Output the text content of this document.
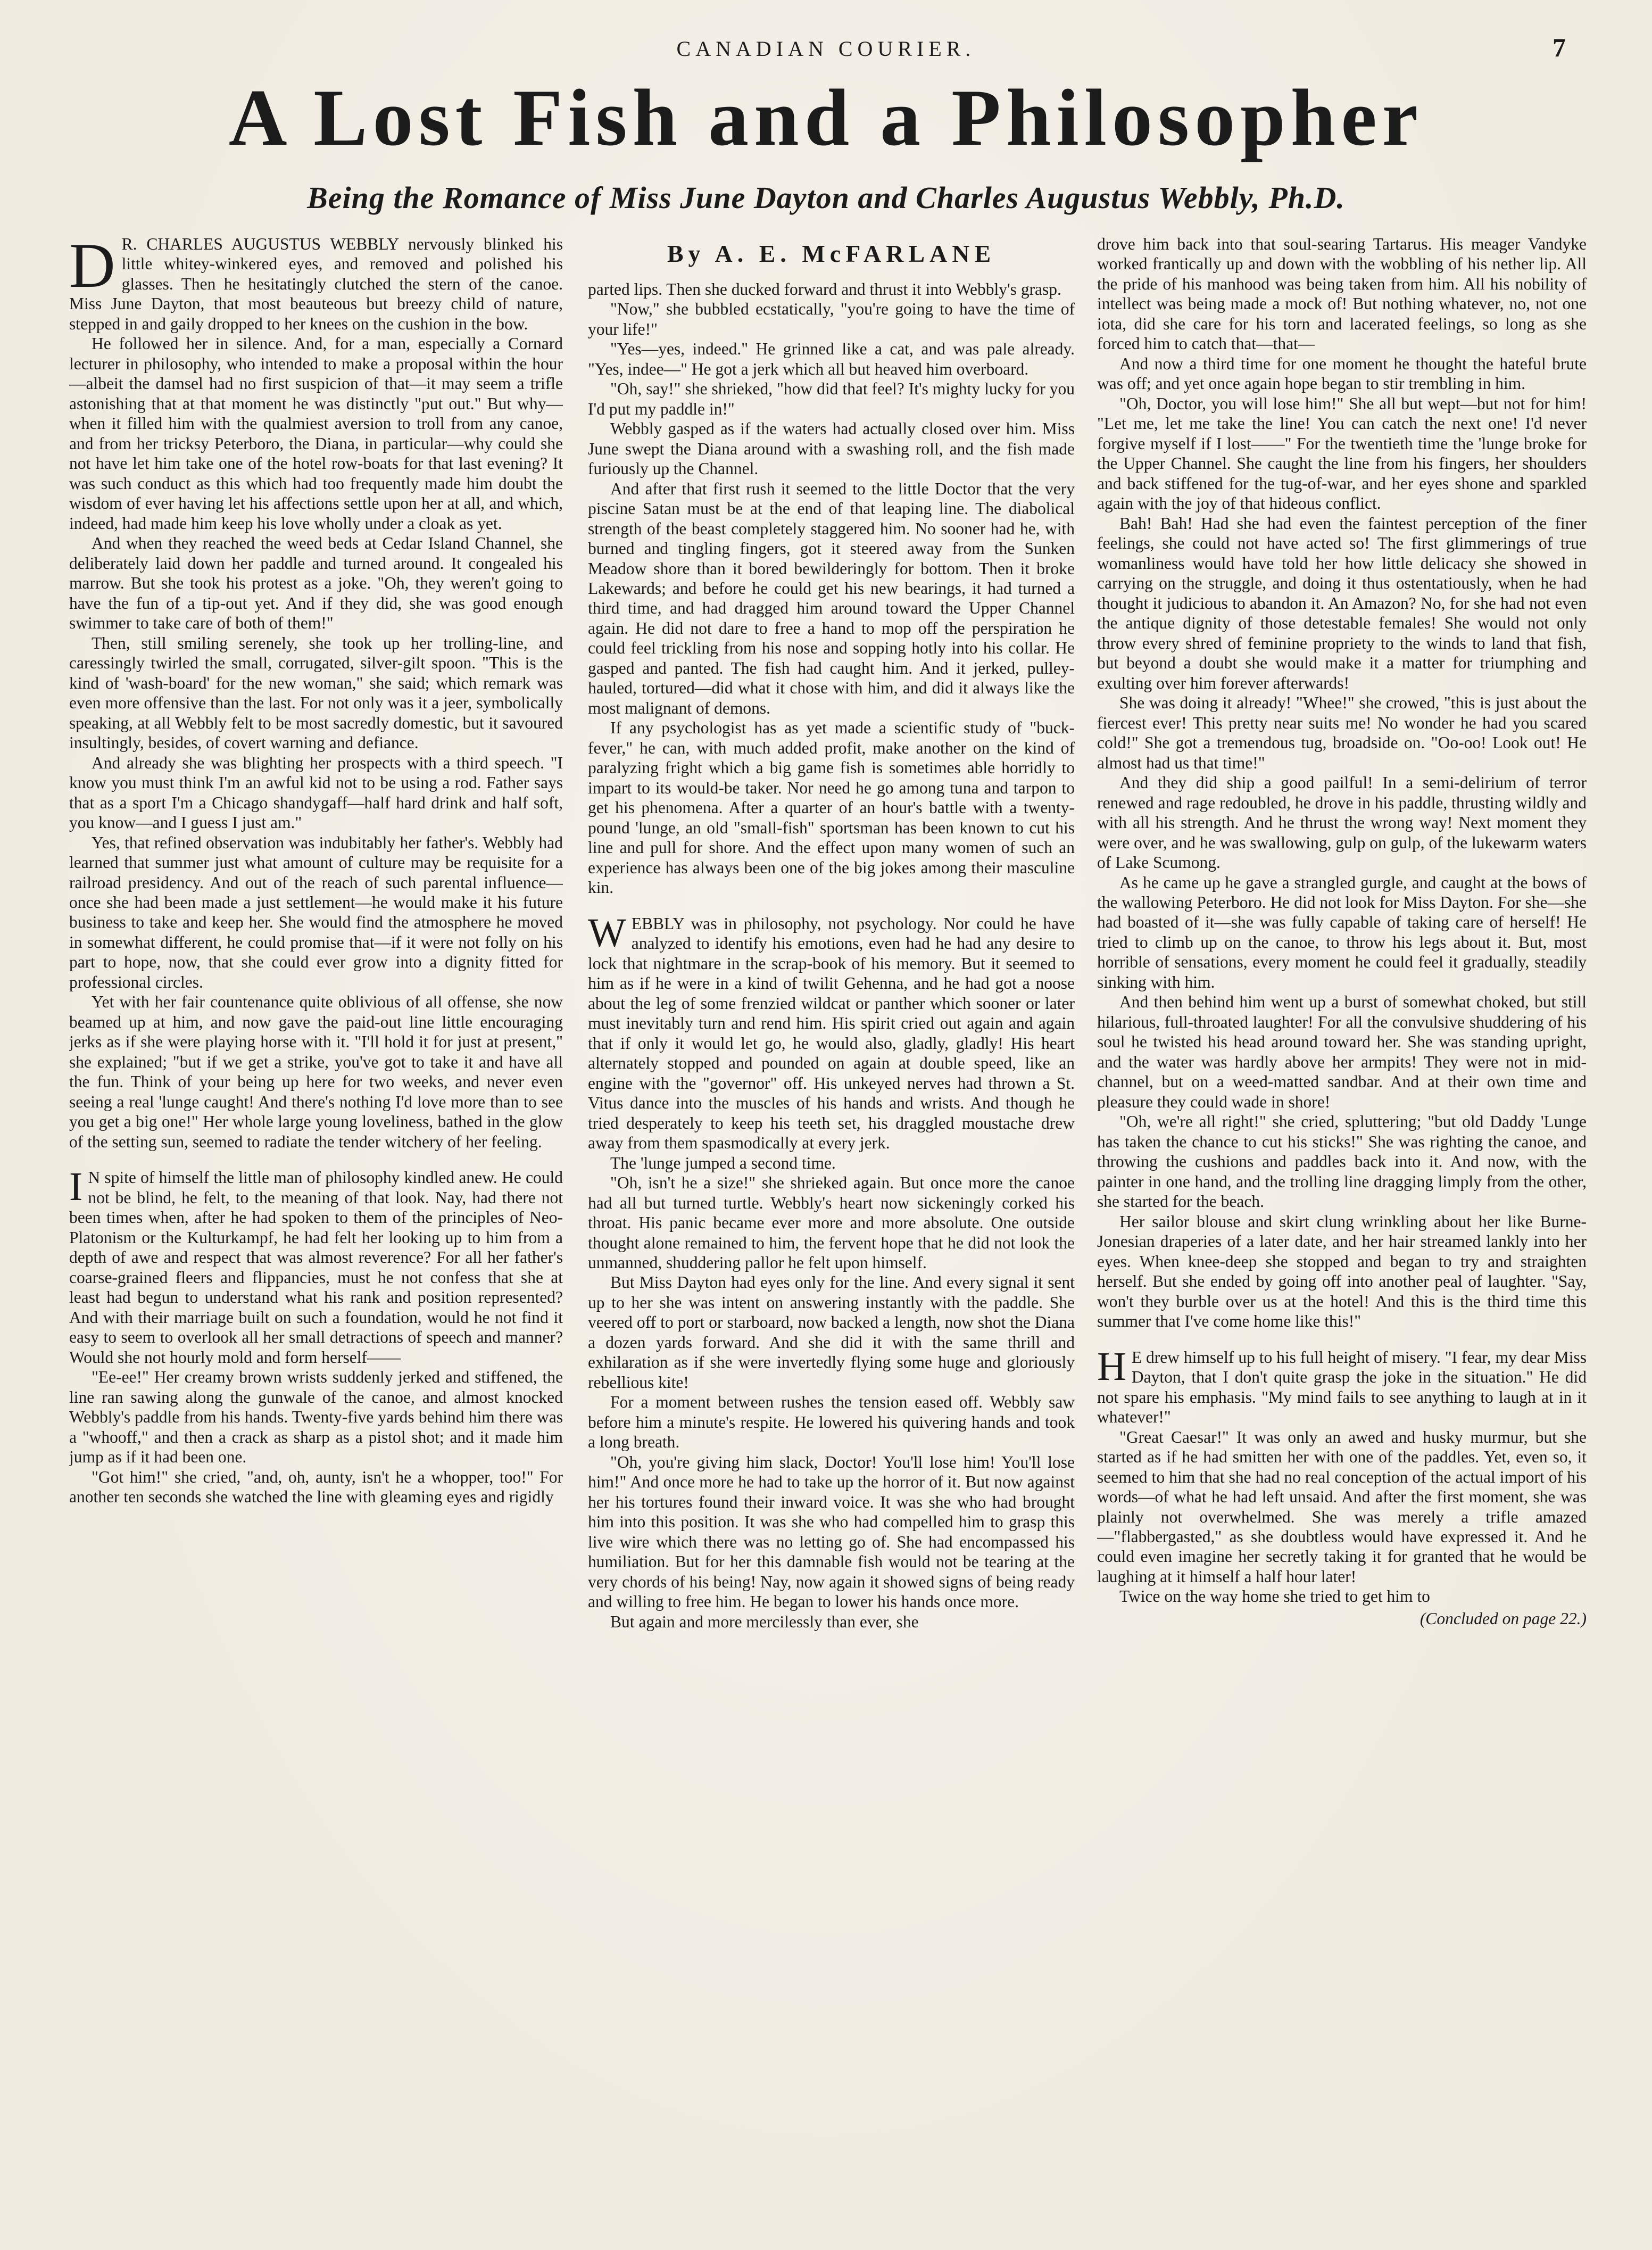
CANADIAN COURIER.	7
A Lost Fish and a Philosopher
Being the Romance of Miss June Dayton and Charles Augustus Webbly, Ph.D.

DR. CHARLES AUGUSTUS WEBBLY nervously blinked his little whitey-winkered eyes, and removed and polished his glasses. Then he hesitatingly clutched the stern of the canoe. Miss June Dayton, that most beauteous but breezy child of nature, stepped in and gaily dropped to her knees on the cushion in the bow.

He followed her in silence. And, for a man, especially a Cornard lecturer in philosophy, who intended to make a proposal within the hour—albeit the damsel had no first suspicion of that—it may seem a trifle astonishing that at that moment he was distinctly "put out." But why—when it filled him with the qualmiest aversion to troll from any canoe, and from her tricksy Peterboro, the Diana, in particular—why could she not have let him take one of the hotel row-boats for that last evening? It was such conduct as this which had too frequently made him doubt the wisdom of ever having let his affections settle upon her at all, and which, indeed, had made him keep his love wholly under a cloak as yet.

And when they reached the weed beds at Cedar Island Channel, she deliberately laid down her paddle and turned around. It congealed his marrow. But she took his protest as a joke. "Oh, they weren't going to have the fun of a tip-out yet. And if they did, she was good enough swimmer to take care of both of them!"

Then, still smiling serenely, she took up her trolling-line, and caressingly twirled the small, corrugated, silver-gilt spoon. "This is the kind of 'wash-board' for the new woman," she said; which remark was even more offensive than the last. For not only was it a jeer, symbolically speaking, at all Webbly felt to be most sacredly domestic, but it savoured insultingly, besides, of covert warning and defiance.

And already she was blighting her prospects with a third speech. "I know you must think I'm an awful kid not to be using a rod. Father says that as a sport I'm a Chicago shandygaff—half hard drink and half soft, you know—and I guess I just am."

Yes, that refined observation was indubitably her father's. Webbly had learned that summer just what amount of culture may be requisite for a railroad presidency. And out of the reach of such parental influence—once she had been made a just settlement—he would make it his future business to take and keep her. She would find the atmosphere he moved in somewhat different, he could promise that—if it were not folly on his part to hope, now, that she could ever grow into a dignity fitted for professional circles.

Yet with her fair countenance quite oblivious of all offense, she now beamed up at him, and now gave the paid-out line little encouraging jerks as if she were playing horse with it. "I'll hold it for just at present," she explained; "but if we get a strike, you've got to take it and have all the fun. Think of your being up here for two weeks, and never even seeing a real 'lunge caught! And there's nothing I'd love more than to see you get a big one!" Her whole large young loveliness, bathed in the glow of the setting sun, seemed to radiate the tender witchery of her feeling.

IN spite of himself the little man of philosophy kindled anew. He could not be blind, he felt, to the meaning of that look. Nay, had there not been times when, after he had spoken to them of the principles of Neo-Platonism or the Kulturkampf, he had felt her looking up to him from a depth of awe and respect that was almost reverence? For all her father's coarse-grained fleers and flippancies, must he not confess that she at least had begun to understand what his rank and position represented? And with their marriage built on such a foundation, would he not find it easy to seem to overlook all her small detractions of speech and manner? Would she not hourly mold and form herself——

"Ee-ee!" Her creamy brown wrists suddenly jerked and stiffened, the line ran sawing along the gunwale of the canoe, and almost knocked Webbly's paddle from his hands. Twenty-five yards behind him there was a "whooff," and then a crack as sharp as a pistol shot; and it made him jump as if it had been one.

"Got him!" she cried, "and, oh, aunty, isn't he a whopper, too!" For another ten seconds she watched the line with gleaming eyes and rigidly

By A. E. McFARLANE

parted lips. Then she ducked forward and thrust it into Webbly's grasp.

"Now," she bubbled ecstatically, "you're going to have the time of your life!"

"Yes—yes, indeed." He grinned like a cat, and was pale already. "Yes, indee—" He got a jerk which all but heaved him overboard.

"Oh, say!" she shrieked, "how did that feel? It's mighty lucky for you I'd put my paddle in!"

Webbly gasped as if the waters had actually closed over him. Miss June swept the Diana around with a swashing roll, and the fish made furiously up the Channel.

And after that first rush it seemed to the little Doctor that the very piscine Satan must be at the end of that leaping line. The diabolical strength of the beast completely staggered him. No sooner had he, with burned and tingling fingers, got it steered away from the Sunken Meadow shore than it bored bewilderingly for bottom. Then it broke Lakewards; and before he could get his new bearings, it had turned a third time, and had dragged him around toward the Upper Channel again. He did not dare to free a hand to mop off the perspiration he could feel trickling from his nose and sopping hotly into his collar. He gasped and panted. The fish had caught him. And it jerked, pulley-hauled, tortured—did what it chose with him, and did it always like the most malignant of demons.

If any psychologist has as yet made a scientific study of "buck-fever," he can, with much added profit, make another on the kind of paralyzing fright which a big game fish is sometimes able horridly to impart to its would-be taker. Nor need he go among tuna and tarpon to get his phenomena. After a quarter of an hour's battle with a twenty-pound 'lunge, an old "small-fish" sportsman has been known to cut his line and pull for shore. And the effect upon many women of such an experience has always been one of the big jokes among their masculine kin.

WEBBLY was in philosophy, not psychology. Nor could he have analyzed to identify his emotions, even had he had any desire to lock that nightmare in the scrap-book of his memory. But it seemed to him as if he were in a kind of twilit Gehenna, and he had got a noose about the leg of some frenzied wildcat or panther which sooner or later must inevitably turn and rend him. His spirit cried out again and again that if only it would let go, he would also, gladly, gladly! His heart alternately stopped and pounded on again at double speed, like an engine with the "governor" off. His unkeyed nerves had thrown a St. Vitus dance into the muscles of his hands and wrists. And though he tried desperately to keep his teeth set, his draggled moustache drew away from them spasmodically at every jerk.

The 'lunge jumped a second time.

"Oh, isn't he a size!" she shrieked again. But once more the canoe had all but turned turtle. Webbly's heart now sickeningly corked his throat. His panic became ever more and more absolute. One outside thought alone remained to him, the fervent hope that he did not look the unmanned, shuddering pallor he felt upon himself.

But Miss Dayton had eyes only for the line. And every signal it sent up to her she was intent on answering instantly with the paddle. She veered off to port or starboard, now backed a length, now shot the Diana a dozen yards forward. And she did it with the same thrill and exhilaration as if she were invertedly flying some huge and gloriously rebellious kite!

For a moment between rushes the tension eased off. Webbly saw before him a minute's respite. He lowered his quivering hands and took a long breath.

"Oh, you're giving him slack, Doctor! You'll lose him! You'll lose him!" And once more he had to take up the horror of it. But now against her his tortures found their inward voice. It was she who had brought him into this position. It was she who had compelled him to grasp this live wire which there was no letting go of. She had encompassed his humiliation. But for her this damnable fish would not be tearing at the very chords of his being! Nay, now again it showed signs of being ready and willing to free him. He began to lower his hands once more.

But again and more mercilessly than ever, she

drove him back into that soul-searing Tartarus. His meager Vandyke worked frantically up and down with the wobbling of his nether lip. All the pride of his manhood was being taken from him. All his nobility of intellect was being made a mock of! But nothing whatever, no, not one iota, did she care for his torn and lacerated feelings, so long as she forced him to catch that—that—

And now a third time for one moment he thought the hateful brute was off; and yet once again hope began to stir trembling in him.

"Oh, Doctor, you will lose him!" She all but wept—but not for him! "Let me, let me take the line! You can catch the next one! I'd never forgive myself if I lost——" For the twentieth time the 'lunge broke for the Upper Channel. She caught the line from his fingers, her shoulders and back stiffened for the tug-of-war, and her eyes shone and sparkled again with the joy of that hideous conflict.

Bah! Bah! Had she had even the faintest perception of the finer feelings, she could not have acted so! The first glimmerings of true womanliness would have told her how little delicacy she showed in carrying on the struggle, and doing it thus ostentatiously, when he had thought it judicious to abandon it. An Amazon? No, for she had not even the antique dignity of those detestable females! She would not only throw every shred of feminine propriety to the winds to land that fish, but beyond a doubt she would make it a matter for triumphing and exulting over him forever afterwards!

She was doing it already! "Whee!" she crowed, "this is just about the fiercest ever! This pretty near suits me! No wonder he had you scared cold!" She got a tremendous tug, broadside on. "Oo-oo! Look out! He almost had us that time!"

And they did ship a good pailful! In a semi-delirium of terror renewed and rage redoubled, he drove in his paddle, thrusting wildly and with all his strength. And he thrust the wrong way! Next moment they were over, and he was swallowing, gulp on gulp, of the lukewarm waters of Lake Scumong.

As he came up he gave a strangled gurgle, and caught at the bows of the wallowing Peterboro. He did not look for Miss Dayton. For she—she had boasted of it—she was fully capable of taking care of herself! He tried to climb up on the canoe, to throw his legs about it. But, most horrible of sensations, every moment he could feel it gradually, steadily sinking with him.

And then behind him went up a burst of somewhat choked, but still hilarious, full-throated laughter! For all the convulsive shuddering of his soul he twisted his head around toward her. She was standing upright, and the water was hardly above her armpits! They were not in mid-channel, but on a weed-matted sandbar. And at their own time and pleasure they could wade in shore!

"Oh, we're all right!" she cried, spluttering; "but old Daddy 'Lunge has taken the chance to cut his sticks!" She was righting the canoe, and throwing the cushions and paddles back into it. And now, with the painter in one hand, and the trolling line dragging limply from the other, she started for the beach.

Her sailor blouse and skirt clung wrinkling about her like Burne-Jonesian draperies of a later date, and her hair streamed lankly into her eyes. When knee-deep she stopped and began to try and straighten herself. But she ended by going off into another peal of laughter. "Say, won't they burble over us at the hotel! And this is the third time this summer that I've come home like this!"

HE drew himself up to his full height of misery. "I fear, my dear Miss Dayton, that I don't quite grasp the joke in the situation." He did not spare his emphasis. "My mind fails to see anything to laugh at in it whatever!"

"Great Caesar!" It was only an awed and husky murmur, but she started as if he had smitten her with one of the paddles. Yet, even so, it seemed to him that she had no real conception of the actual import of his words—of what he had left unsaid. And after the first moment, she was plainly not overwhelmed. She was merely a trifle amazed—"flabbergasted," as she doubtless would have expressed it. And he could even imagine her secretly taking it for granted that he would be laughing at it himself a half hour later!

Twice on the way home she tried to get him to

(Concluded on page 22.)
